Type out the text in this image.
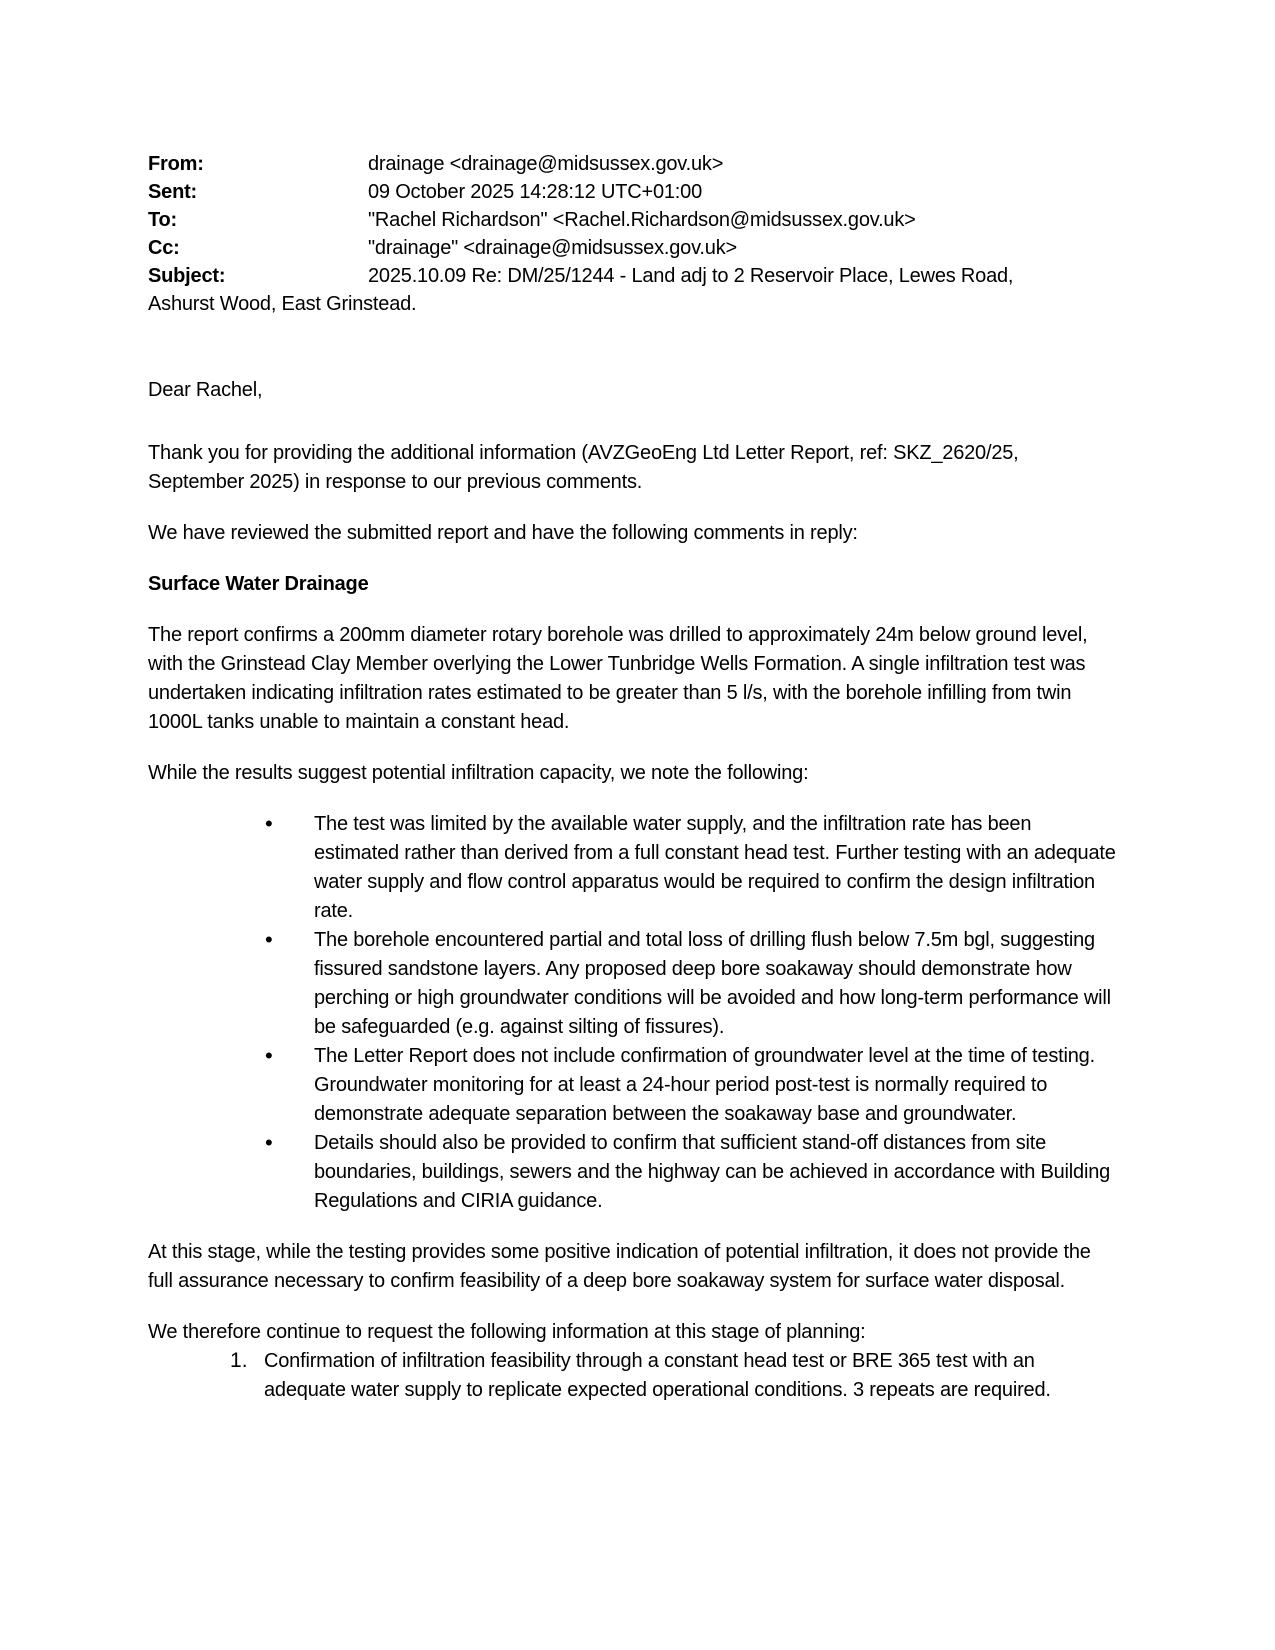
From:	drainage <drainage@midsussex.gov.uk>

Sent:	09 October 2025 14:28:12 UTC+01:00

To:	"Rachel Richardson" <Rachel.Richardson@midsussex.gov.uk>

Cc:	"drainage" <drainage@midsussex.gov.uk>

Subject:	2025.10.09 Re: DM/25/1244 - Land adj to 2 Reservoir Place, Lewes Road,
Ashurst Wood, East Grinstead.

Dear Rachel,

Thank you for providing the additional information (AVZGeoEng Ltd Letter Report, ref: SKZ_2620/25, September 2025) in response to our previous comments.

We have reviewed the submitted report and have the following comments in reply:

Surface Water Drainage

The report confirms a 200mm diameter rotary borehole was drilled to approximately 24m below ground level, with the Grinstead Clay Member overlying the Lower Tunbridge Wells Formation. A single infiltration test was undertaken indicating infiltration rates estimated to be greater than 5 l/s, with the borehole infilling from twin 1000L tanks unable to maintain a constant head.

While the results suggest potential infiltration capacity, we note the following:

• The test was limited by the available water supply, and the infiltration rate has been estimated rather than derived from a full constant head test. Further testing with an adequate water supply and flow control apparatus would be required to confirm the design infiltration rate.
• The borehole encountered partial and total loss of drilling flush below 7.5m bgl, suggesting fissured sandstone layers. Any proposed deep bore soakaway should demonstrate how perching or high groundwater conditions will be avoided and how long-term performance will be safeguarded (e.g. against silting of fissures).
• The Letter Report does not include confirmation of groundwater level at the time of testing. Groundwater monitoring for at least a 24-hour period post-test is normally required to demonstrate adequate separation between the soakaway base and groundwater.
• Details should also be provided to confirm that sufficient stand-off distances from site boundaries, buildings, sewers and the highway can be achieved in accordance with Building Regulations and CIRIA guidance.

At this stage, while the testing provides some positive indication of potential infiltration, it does not provide the full assurance necessary to confirm feasibility of a deep bore soakaway system for surface water disposal.

We therefore continue to request the following information at this stage of planning:

Confirmation of infiltration feasibility through a constant head test or BRE 365 test with an adequate water supply to replicate expected operational conditions. 3 repeats are required.
